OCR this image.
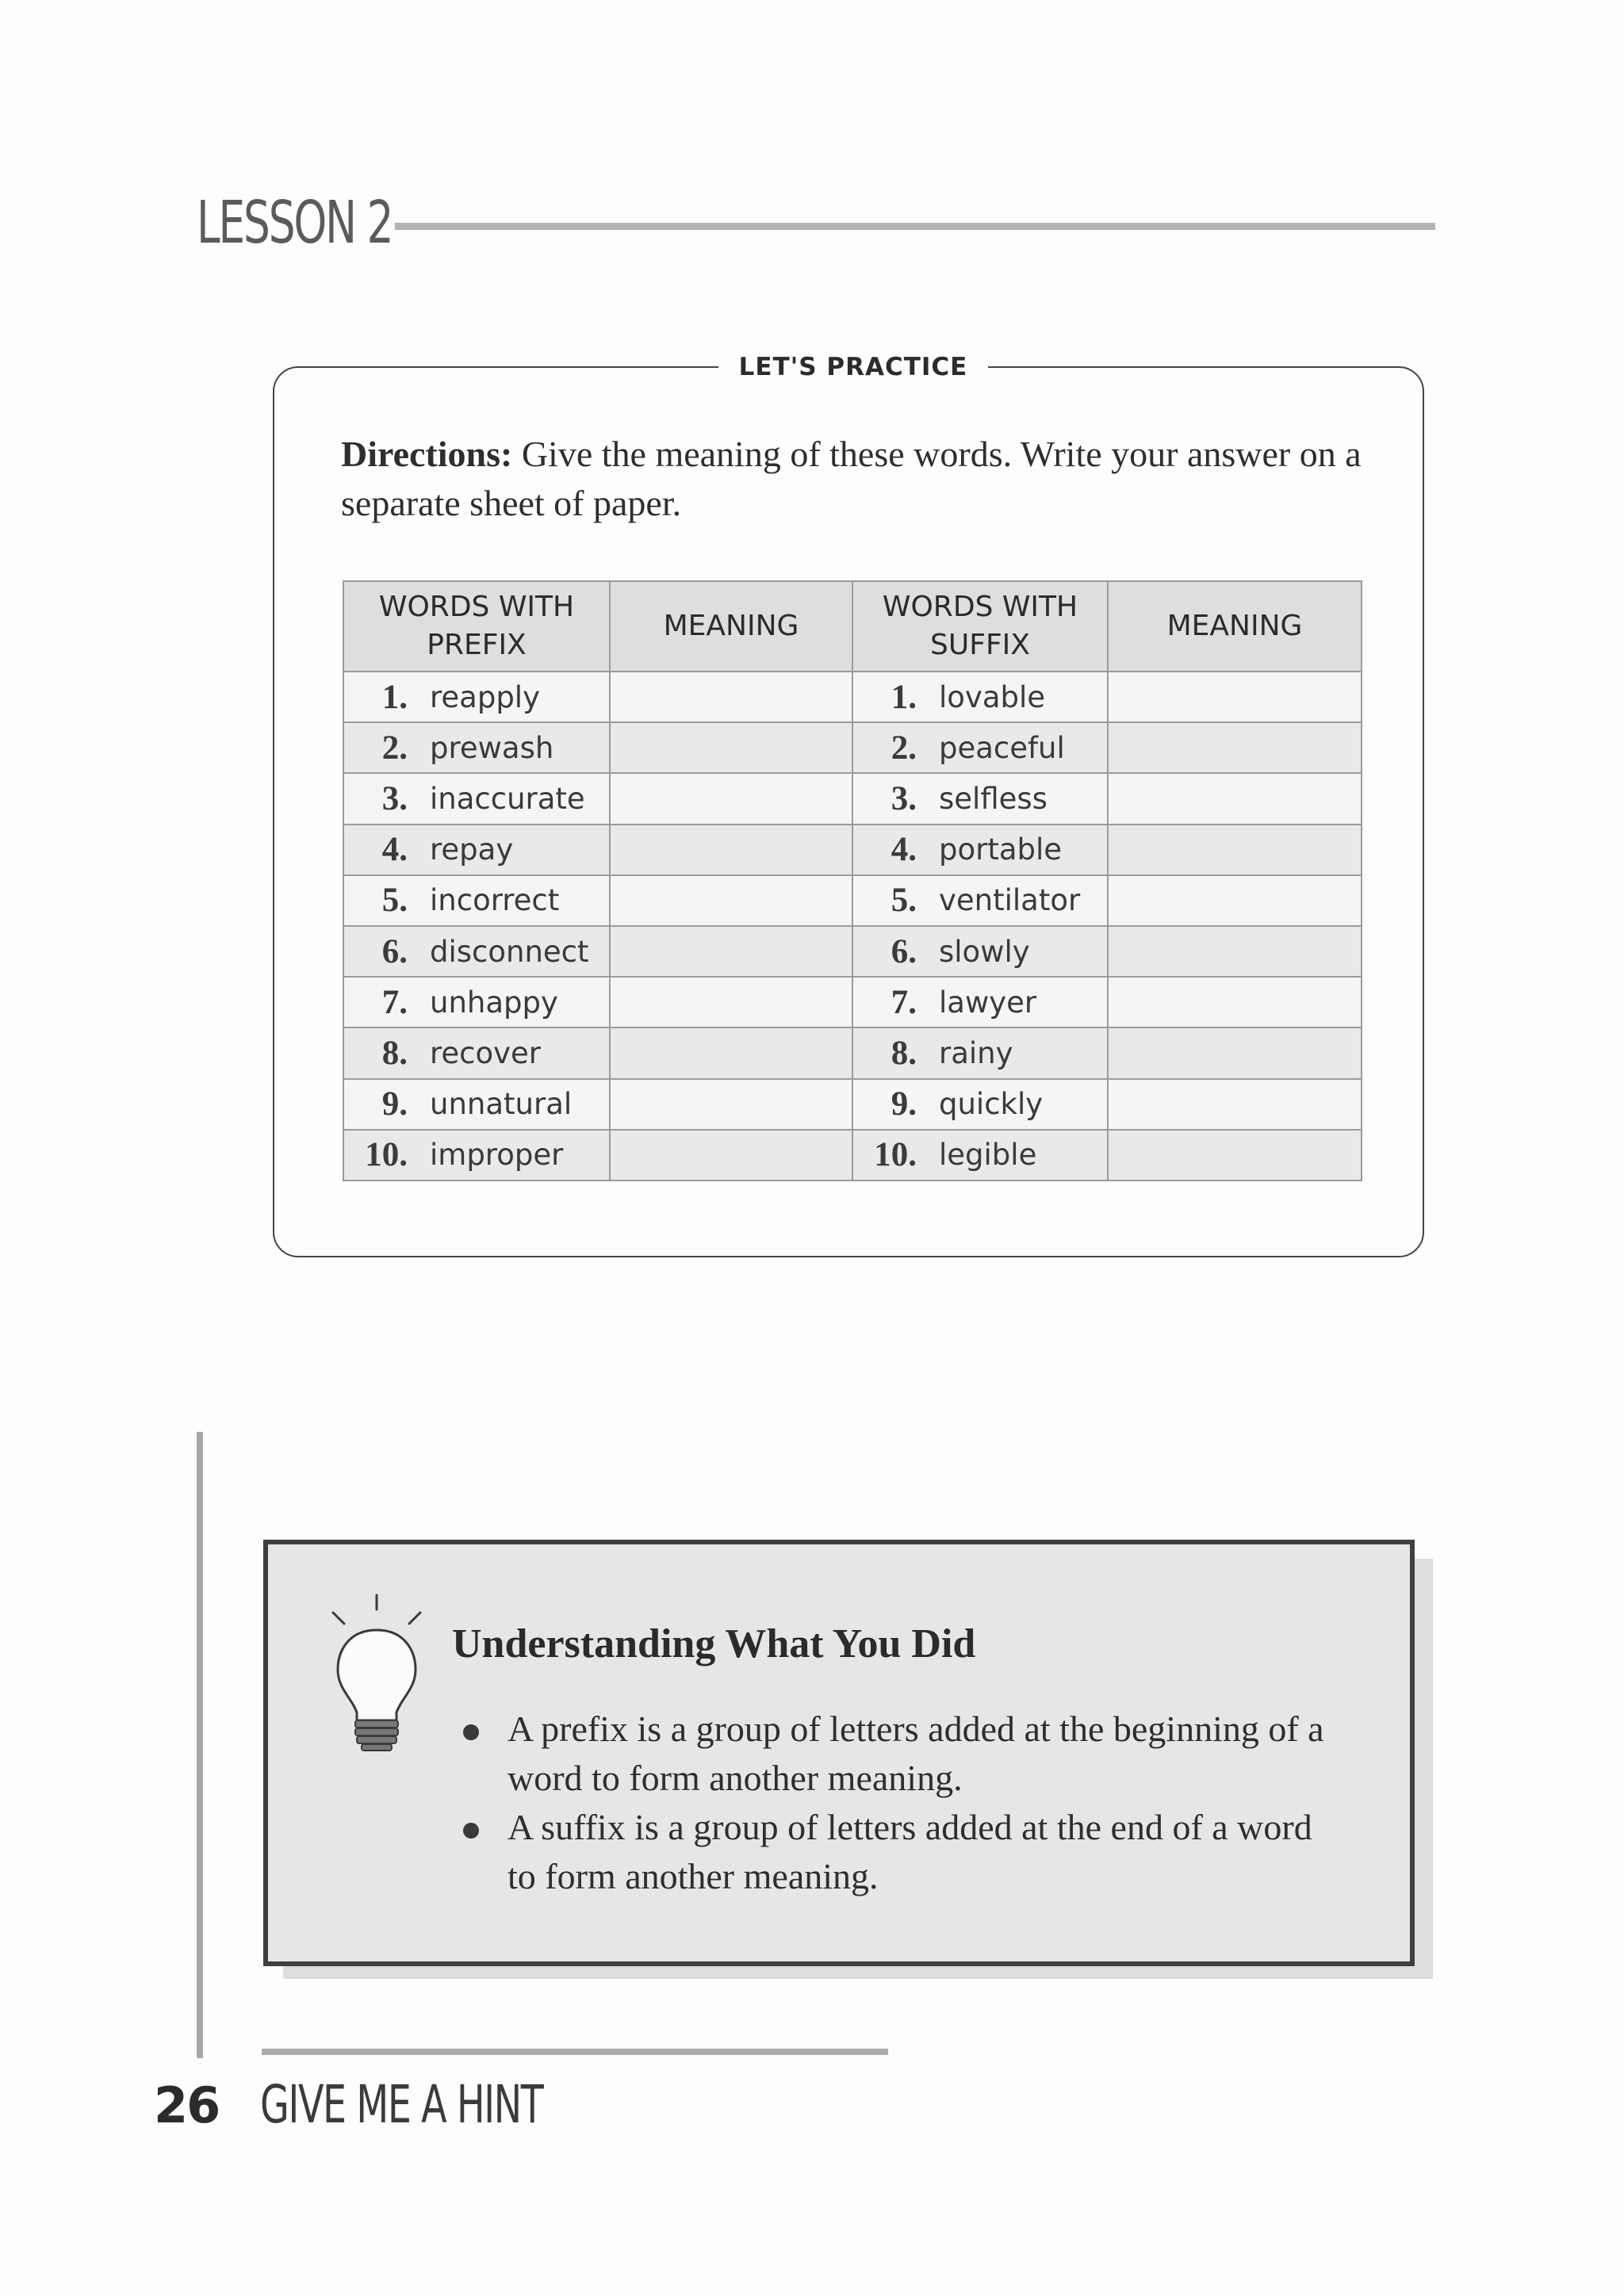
LESSON 2
LET'S PRACTICE

Directions: Give the meaning of these words. Write your answer on a separate sheet of paper.

WORDS WITH PREFIX	MEANING	WORDS WITH SUFFIX	MEANING

1. reapply		1. lovable	

2. prewash		2. peaceful	

3. inaccurate		3. selfless	

4. repay		4. portable	

5. incorrect		5. ventilator	

6. disconnect		6. slowly	

7. unhappy		7. lawyer	

8. recover		8. rainy	

9. unnatural		9. quickly	

10. improper		10. legible	

Understanding What You Did
A prefix is a group of letters added at the beginning of a word to form another meaning.
A suffix is a group of letters added at the end of a word to form another meaning.
26 GIVE ME A HINT
